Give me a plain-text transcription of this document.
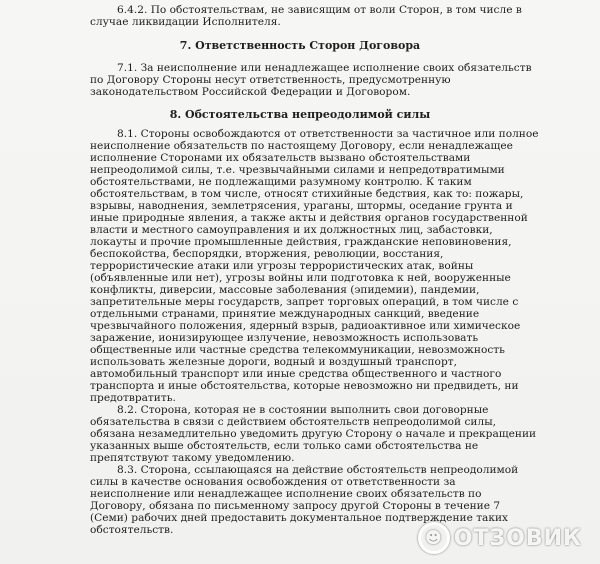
6.4.2. По обстоятельствам, не зависящим от воли Сторон, в том числе в
случае ликвидации Исполнителя.
7. Ответственность Сторон Договора
7.1. За неисполнение или ненадлежащее исполнение своих обязательств
по Договору Стороны несут ответственность, предусмотренную
законодательством Российской Федерации и Договором.
8. Обстоятельства непреодолимой силы
8.1. Стороны освобождаются от ответственности за частичное или полное
неисполнение обязательств по настоящему Договору, если ненадлежащее
исполнение Сторонами их обязательств вызвано обстоятельствами
непреодолимой силы, т.е. чрезвычайными силами и непредотвратимыми
обстоятельствами, не подлежащими разумному контролю. К таким
обстоятельствам, в том числе, относят стихийные бедствия, как то: пожары,
взрывы, наводнения, землетрясения, ураганы, штормы, оседание грунта и
иные природные явления, а также акты и действия органов государственной
власти и местного самоуправления и их должностных лиц, забастовки,
локауты и прочие промышленные действия, гражданские неповиновения,
беспокойства, беспорядки, вторжения, революции, восстания,
террористические атаки или угрозы террористических атак, войны
(объявленные или нет), угрозы войны или подготовка к ней, вооруженные
конфликты, диверсии, массовые заболевания (эпидемии), пандемии,
запретительные меры государств, запрет торговых операций, в том числе с
отдельными странами, принятие международных санкций, введение
чрезвычайного положения, ядерный взрыв, радиоактивное или химическое
заражение, ионизирующее излучение, невозможность использовать
общественные или частные средства телекоммуникации, невозможность
использовать железные дороги, водный и воздушный транспорт,
автомобильный транспорт или иные средства общественного и частного
транспорта и иные обстоятельства, которые невозможно ни предвидеть, ни
предотвратить.
8.2. Сторона, которая не в состоянии выполнить свои договорные
обязательства в связи с действием обстоятельств непреодолимой силы,
обязана незамедлительно уведомить другую Сторону о начале и прекращении
указанных выше обстоятельств, если только сами обстоятельства не
препятствуют такому уведомлению.
8.3. Сторона, ссылающаяся на действие обстоятельств непреодолимой
силы в качестве основания освобождения от ответственности за
неисполнение или ненадлежащее исполнение своих обязательств по
Договору, обязана по письменному запросу другой Стороны в течение 7
(Семи) рабочих дней предоставить документальное подтверждение таких
обстоятельств.	☻ ОТЗОВИК
